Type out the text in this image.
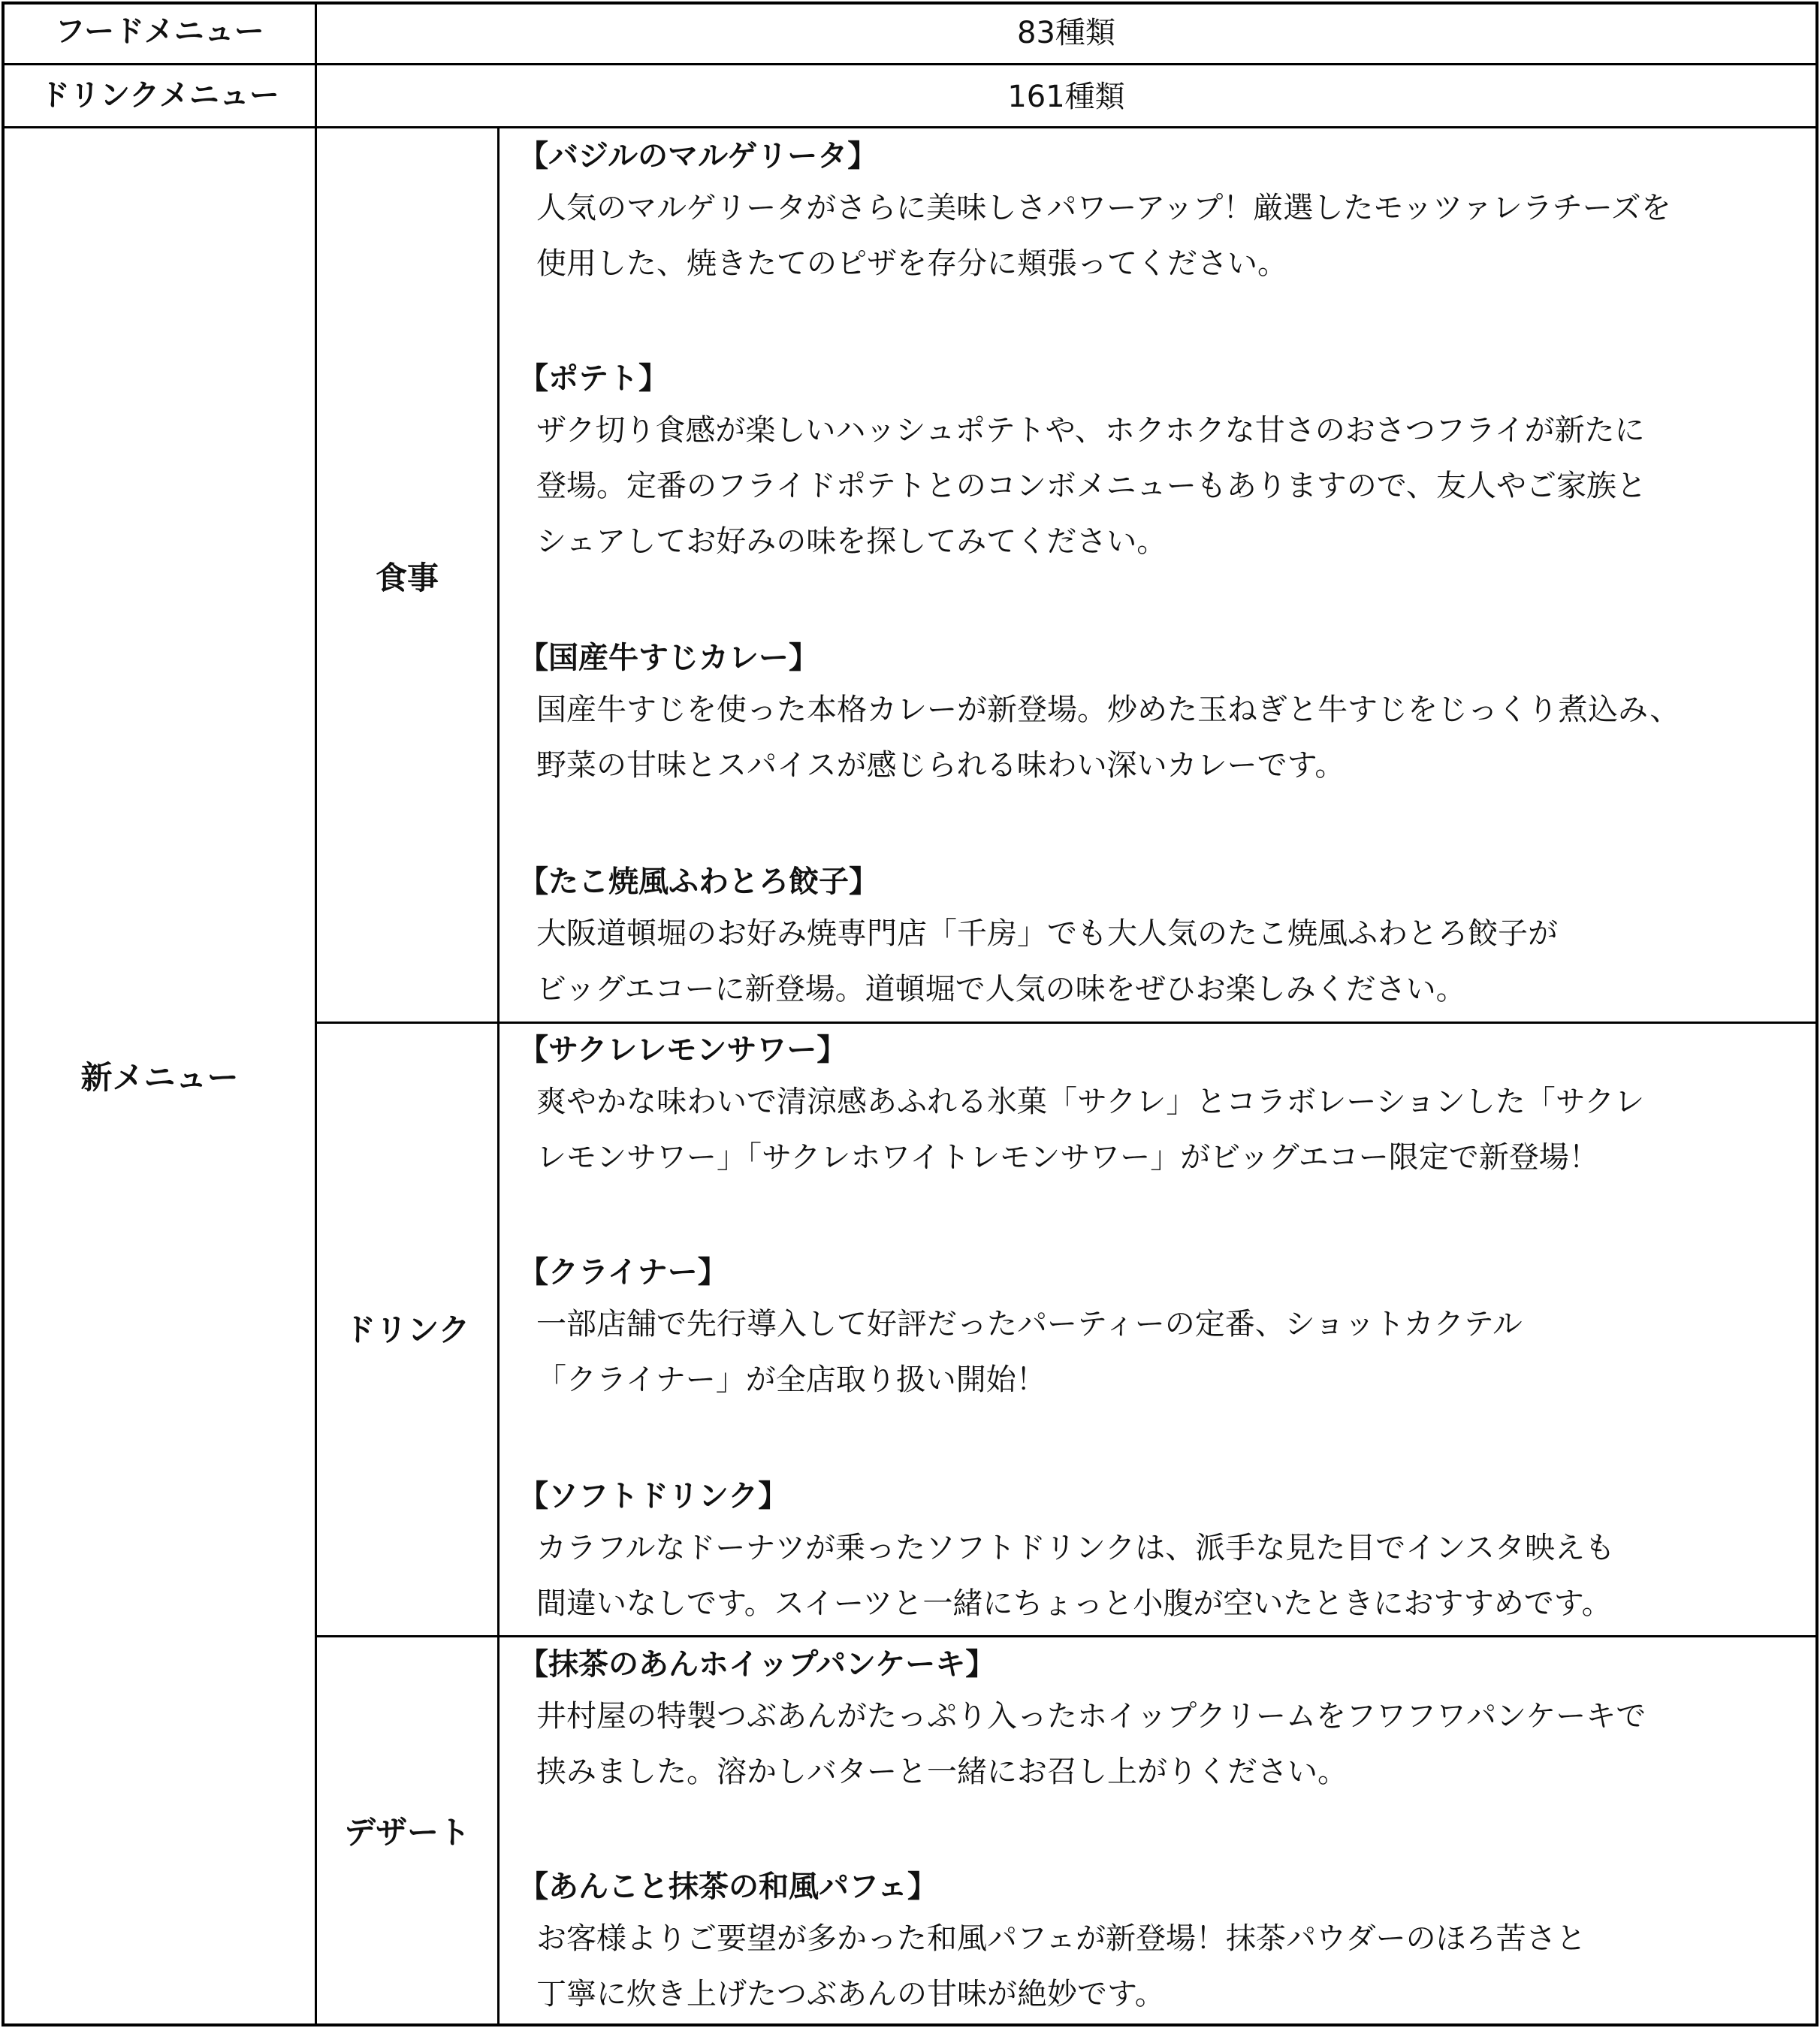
フードメニュー	83種類
ドリンクメニュー	161種類
新メニュー
食事
ドリンク
デザート
【バジルのマルゲリータ】
人気のマルゲリータがさらに美味しさパワーアップ！厳選したモッツァレラチーズを
使用した、焼きたてのピザを存分に頬張ってください。
【ポテト】
ザク切り食感が楽しいハッシュポテトや、ホクホクな甘さのおさつフライが新たに
登場。定番のフライドポテトとのコンボメニューもありますので、友人やご家族と
シェアしてお好みの味を探してみてください。
【国産牛すじカレー】
国産牛すじを使った本格カレーが新登場。炒めた玉ねぎと牛すじをじっくり煮込み、
野菜の甘味とスパイスが感じられる味わい深いカレーです。
【たこ焼風ふわとろ餃子】
大阪道頓堀のお好み焼専門店「千房」でも大人気のたこ焼風ふわとろ餃子が
ビッグエコーに新登場。道頓堀で人気の味をぜひお楽しみください。
【サクレレモンサワー】
爽やかな味わいで清涼感あふれる氷菓「サクレ」とコラボレーションした「サクレ
レモンサワー」「サクレホワイトレモンサワー」がビッグエコー限定で新登場！
【クライナー】
一部店舗で先行導入して好評だったパーティーの定番、ショットカクテル
「クライナー」が全店取り扱い開始！
【ソフトドリンク】
カラフルなドーナツが乗ったソフトドリンクは、派手な見た目でインスタ映えも
間違いなしです。スイーツと一緒にちょっと小腹が空いたときにおすすめです。
【抹茶のあんホイップパンケーキ】
井村屋の特製つぶあんがたっぷり入ったホイップクリームをフワフワパンケーキで
挟みました。溶かしバターと一緒にお召し上がりください。
【あんこと抹茶の和風パフェ】
お客様よりご要望が多かった和風パフェが新登場！抹茶パウダーのほろ苦さと
丁寧に炊き上げたつぶあんの甘味が絶妙です。
